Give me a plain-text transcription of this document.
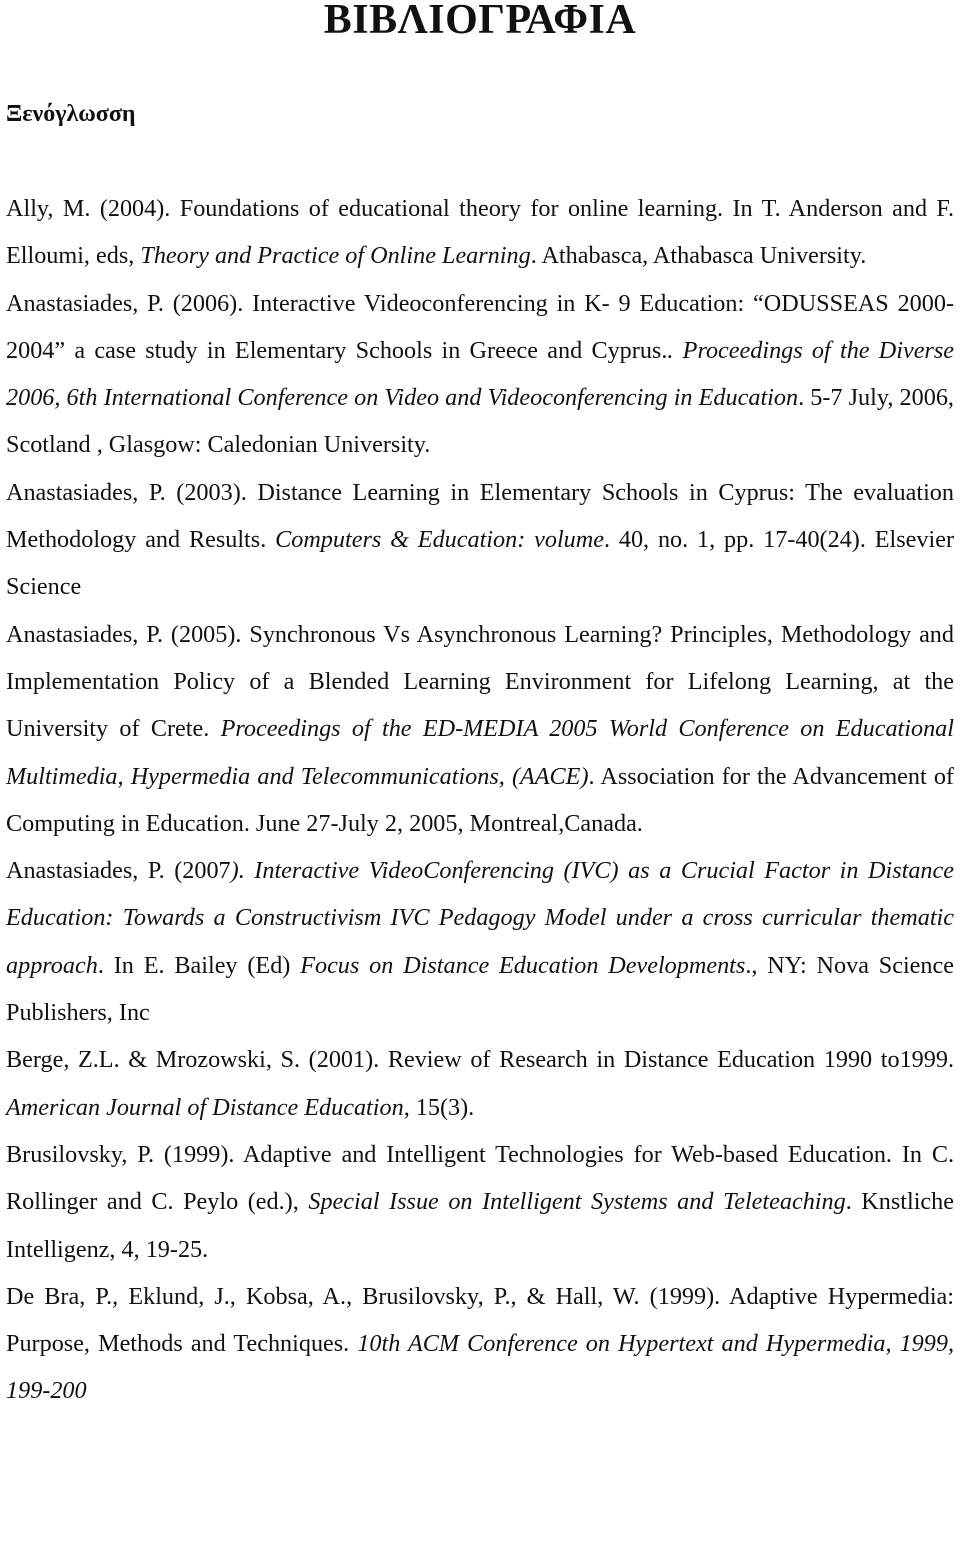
ΒΙΒΛΙΟΓΡΑΦΙΑ
Ξενόγλωσση

Ally, M. (2004). Foundations of educational theory for online learning. In T. Anderson and F. Elloumi, eds, Theory and Practice of Online Learning. Athabasca, Athabasca University.

Anastasiades, P. (2006). Interactive Videoconferencing in K- 9 Education: “ODUSSEAS 2000-2004” a case study in Elementary Schools in Greece and Cyprus.. Proceedings of the Diverse 2006, 6th International Conference on Video and Videoconferencing in Education. 5-7 July, 2006, Scotland , Glasgow: Caledonian University.

Anastasiades, P. (2003). Distance Learning in Elementary Schools in Cyprus: The evaluation Methodology and Results. Computers & Education: volume. 40, no. 1, pp. 17-40(24). Elsevier Science

Anastasiades, P. (2005). Synchronous Vs Asynchronous Learning? Principles, Methodology and Implementation Policy of a Blended Learning Environment for Lifelong Learning, at the University of Crete. Proceedings of the ED-MEDIA 2005 World Conference on Educational Multimedia, Hypermedia and Telecommunications, (AACE). Association for the Advancement of Computing in Education. June 27-July 2, 2005, Montreal,Canada.

Anastasiades, P. (2007). Interactive VideoConferencing (IVC) as a Crucial Factor in Distance Education: Towards a Constructivism IVC Pedagogy Model under a cross curricular thematic approach. In E. Bailey (Ed) Focus on Distance Education Developments., NY: Nova Science Publishers, Inc

Berge, Z.L. & Mrozowski, S. (2001). Review of Research in Distance Education 1990 to1999. American Journal of Distance Education, 15(3).

Brusilovsky, P. (1999). Adaptive and Intelligent Technologies for Web-based Education. In C. Rollinger and C. Peylo (ed.), Special Issue on Intelligent Systems and Teleteaching. Knstliche Intelligenz, 4, 19-25.

De Bra, P., Eklund, J., Kobsa, A., Brusilovsky, P., & Hall, W. (1999). Adaptive Hypermedia: Purpose, Methods and Techniques. 10th ACM Conference on Hypertext and Hypermedia, 1999, 199-200
